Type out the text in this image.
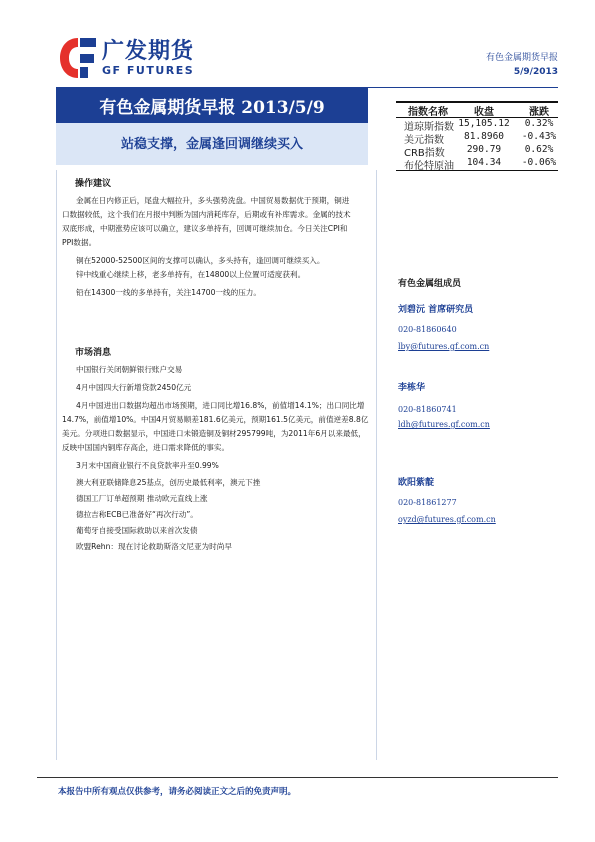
广发期货
GF FUTURES
有色金属期货早报
5/9/2013
有色金属期货早报 2013/5/9
站稳支撑，金属逢回调继续买入
指数名称	收盘	涨跌
道琼斯指数 15,105.12 0.32%
美元指数 81.8960 -0.43%
CRB指数 290.79 0.62%
布伦特原油 104.34 -0.06%
操作建议
金属在日内修正后，尾盘大幅拉升，多头强势洗盘。中国贸易数据优于预期，铜进
口数据较低，这个我们在月报中判断为国内消耗库存，后期或有补库需求。金属的技术
双底形成，中期涨势应该可以确立，建议多单持有，回调可继续加仓。今日关注CPI和
PPI数据。
铜在52000-52500区间的支撑可以确认，多头持有，逢回调可继续买入。
锌中线重心继续上移，老多单持有，在14800以上位置可适度获利。
铅在14300一线的多单持有，关注14700一线的压力。
市场消息
中国银行关闭朝鲜银行账户交易
4月中国四大行新增贷款2450亿元
4月中国进出口数据均超出市场预期，进口同比增16.8%，前值增14.1%；出口同比增
14.7%，前值增10%。中国4月贸易顺差181.6亿美元，预期161.5亿美元，前值逆差8.8亿
美元。分项进口数据显示，中国进口未锻造铜及铜材295799吨，为2011年6月以来最低，
反映中国国内铜库存高企，进口需求降低的事实。
3月末中国商业银行不良贷款率升至0.99%
澳大利亚联储降息25基点，创历史最低利率，澳元下挫
德国工厂订单超预期 推动欧元直线上涨
德拉吉称ECB已准备好“再次行动”。
葡萄牙自接受国际救助以来首次发债
欧盟Rehn：现在讨论救助斯洛文尼亚为时尚早
有色金属组成员
刘碧沅 首席研究员
020-81860640
lby@futures.gf.com.cn
李栋华
020-81860741
ldh@futures.gf.com.cn
欧阳紫靛
020-81861277
oyzd@futures.gf.com.cn
本报告中所有观点仅供参考，请务必阅读正文之后的免责声明。
